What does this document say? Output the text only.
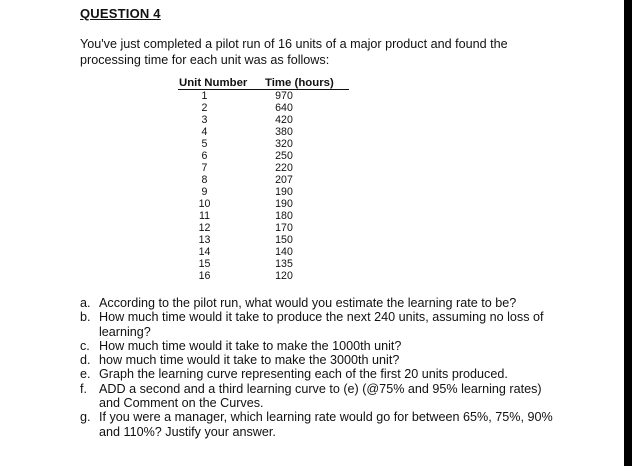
QUESTION 4
You've just completed a pilot run of 16 units of a major product and found the processing time for each unit was as follows:
Unit Number	Time (hours)
1	970
2	640
3	420
4	380
5	320
6	250
7	220
8	207
9	190
10	190
11	180
12	170
13	150
14	140
15	135
16	120
a. According to the pilot run, what would you estimate the learning rate to be?
b. How much time would it take to produce the next 240 units, assuming no loss of learning?
c. How much time would it take to make the 1000th unit?
d. how much time would it take to make the 3000th unit?
e. Graph the learning curve representing each of the first 20 units produced.
f. ADD a second and a third learning curve to (e) (@75% and 95% learning rates) and Comment on the Curves.
g. If you were a manager, which learning rate would go for between 65%, 75%, 90% and 110%? Justify your answer.
